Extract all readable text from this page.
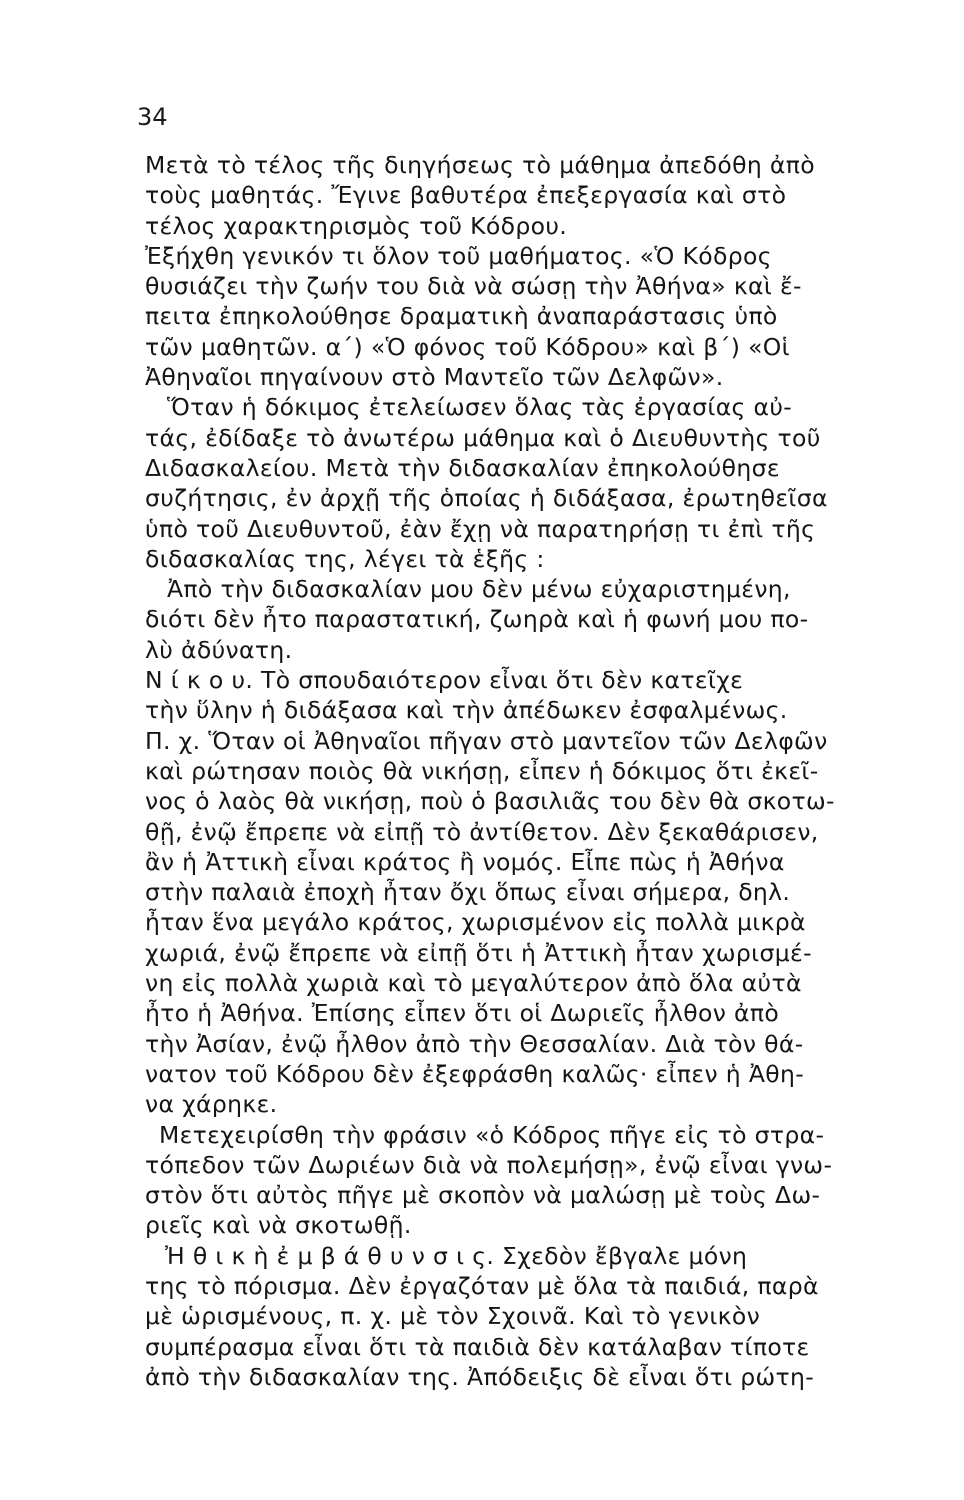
34
Μετὰ τὸ τέλος τῆς διηγήσεως τὸ μάθημα ἀπεδόθη ἀπὸ
τοὺς μαθητάς. Ἔγινε βαθυτέρα ἐπεξεργασία καὶ στὸ
τέλος χαρακτηρισμὸς τοῦ Κόδρου.
Ἐξήχθη γενικόν τι ὅλον τοῦ μαθήματος. «Ὁ Κόδρος
θυσιάζει τὴν ζωήν του διὰ νὰ σώσῃ τὴν Ἀθήνα» καὶ ἔ-
πειτα ἐπηκολούθησε δραματικὴ ἀναπαράστασις ὑπὸ
τῶν μαθητῶν. α΄) «Ὁ φόνος τοῦ Κόδρου» καὶ β΄) «Οἱ
Ἀθηναῖοι πηγαίνουν στὸ Μαντεῖο τῶν Δελφῶν».
Ὅταν ἡ δόκιμος ἐτελείωσεν ὅλας τὰς ἐργασίας αὐ-
τάς, ἐδίδαξε τὸ ἀνωτέρω μάθημα καὶ ὁ Διευθυντὴς τοῦ
Διδασκαλείου. Μετὰ τὴν διδασκαλίαν ἐπηκολούθησε
συζήτησις, ἐν ἀρχῇ τῆς ὁποίας ἡ διδάξασα, ἐρωτηθεῖσα
ὑπὸ τοῦ Διευθυντοῦ, ἐὰν ἔχῃ νὰ παρατηρήσῃ τι ἐπὶ τῆς
διδασκαλίας της, λέγει τὰ ἑξῆς :
Ἀπὸ τὴν διδασκαλίαν μου δὲν μένω εὐχαριστημένη,
διότι δὲν ἦτο παραστατική, ζωηρὰ καὶ ἡ φωνή μου πο-
λὺ ἀδύνατη.
Ν ί κ ο υ. Τὸ σπουδαιότερον εἶναι ὅτι δὲν κατεῖχε
τὴν ὕλην ἡ διδάξασα καὶ τὴν ἀπέδωκεν ἐσφαλμένως.
Π. χ. Ὅταν οἱ Ἀθηναῖοι πῆγαν στὸ μαντεῖον τῶν Δελφῶν
καὶ ρώτησαν ποιὸς θὰ νικήσῃ, εἶπεν ἡ δόκιμος ὅτι ἐκεῖ-
νος ὁ λαὸς θὰ νικήσῃ, ποὺ ὁ βασιλιᾶς του δὲν θὰ σκοτω-
θῇ, ἐνῷ ἔπρεπε νὰ εἰπῇ τὸ ἀντίθετον. Δὲν ξεκαθάρισεν,
ἂν ἡ Ἀττικὴ εἶναι κράτος ἢ νομός. Εἶπε πὼς ἡ Ἀθήνα
στὴν παλαιὰ ἐποχὴ ἦταν ὄχι ὅπως εἶναι σήμερα, δηλ.
ἦταν ἕνα μεγάλο κράτος, χωρισμένον εἰς πολλὰ μικρὰ
χωριά, ἐνῷ ἔπρεπε νὰ εἰπῇ ὅτι ἡ Ἀττικὴ ἦταν χωρισμέ-
νη εἰς πολλὰ χωριὰ καὶ τὸ μεγαλύτερον ἀπὸ ὅλα αὐτὰ
ἦτο ἡ Ἀθήνα. Ἐπίσης εἶπεν ὅτι οἱ Δωριεῖς ἦλθον ἀπὸ
τὴν Ἀσίαν, ἐνῷ ἦλθον ἀπὸ τὴν Θεσσαλίαν. Διὰ τὸν θά-
νατον τοῦ Κόδρου δὲν ἐξεφράσθη καλῶς· εἶπεν ἡ Ἀθη-
να χάρηκε.
Μετεχειρίσθη τὴν φράσιν «ὁ Κόδρος πῆγε εἰς τὸ στρα-
τόπεδον τῶν Δωριέων διὰ νὰ πολεμήσῃ», ἐνῷ εἶναι γνω-
στὸν ὅτι αὐτὸς πῆγε μὲ σκοπὸν νὰ μαλώσῃ μὲ τοὺς Δω-
ριεῖς καὶ νὰ σκοτωθῇ.
Ἠ θ ι κ ὴ ἐ μ β ά θ υ ν σ ι ς. Σχεδὸν ἔβγαλε μόνη
της τὸ πόρισμα. Δὲν ἐργαζόταν μὲ ὅλα τὰ παιδιά, παρὰ
μὲ ὡρισμένους, π. χ. μὲ τὸν Σχοινᾶ. Καὶ τὸ γενικὸν
συμπέρασμα εἶναι ὅτι τὰ παιδιὰ δὲν κατάλαβαν τίποτε
ἀπὸ τὴν διδασκαλίαν της. Ἀπόδειξις δὲ εἶναι ὅτι ρώτη-
